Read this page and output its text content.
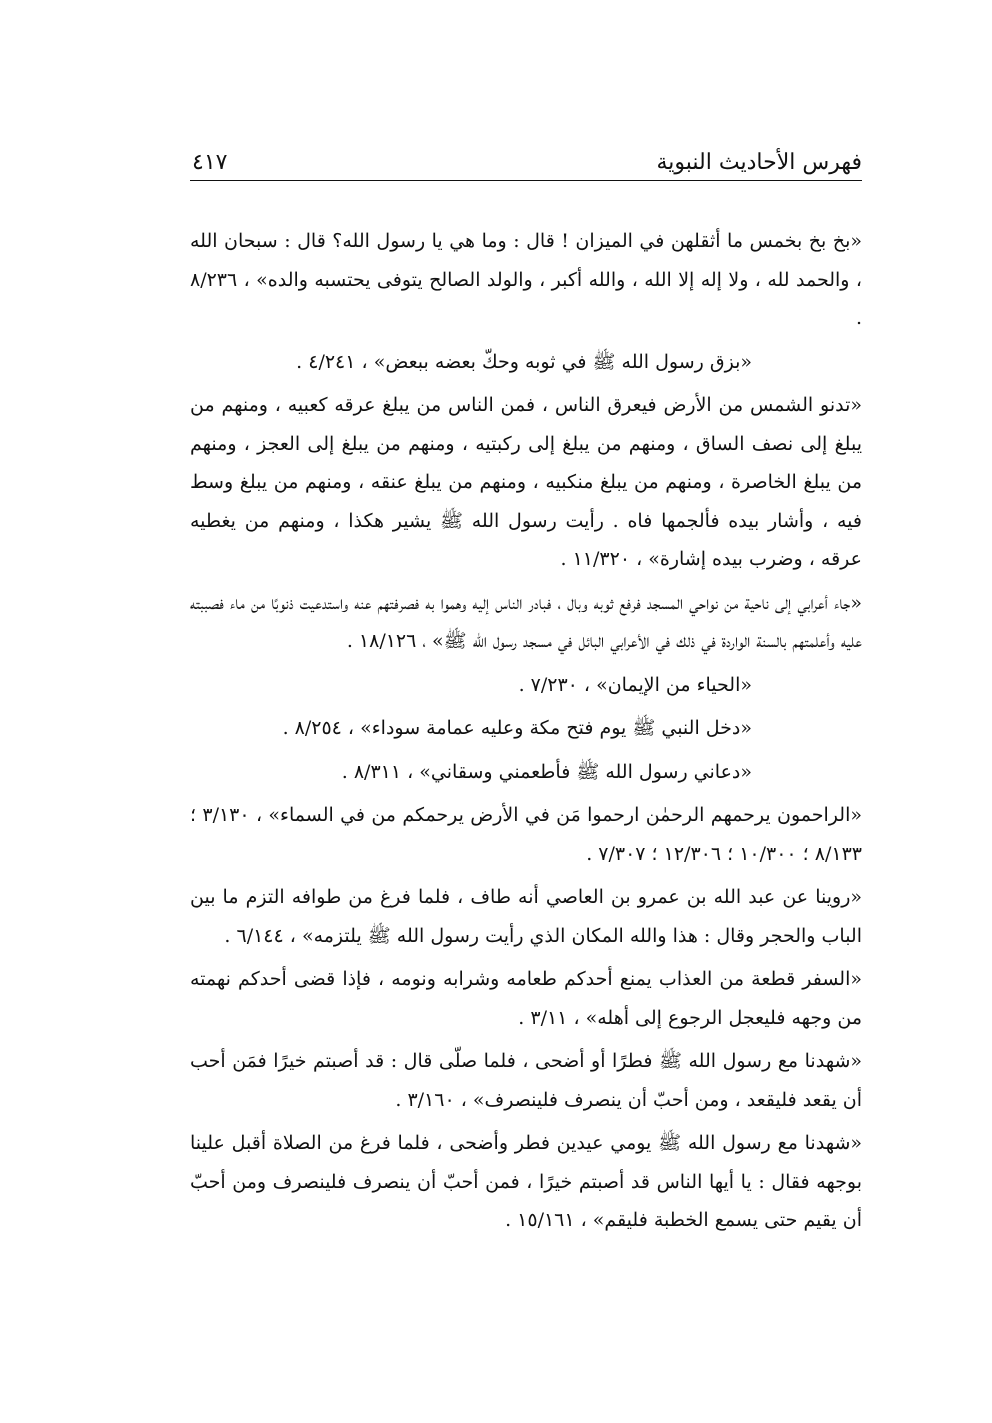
فهرس الأحاديث النبوية
٤١٧

«بخ بخ بخمس ما أثقلهن في الميزان ! قال : وما هي يا رسول الله؟ قال : سبحان الله ، والحمد لله ، ولا إله إلا الله ، والله أكبر ، والولد الصالح يتوفى يحتسبه والده» ، ٨/٢٣٦ .

«بزق رسول الله ﷺ في ثوبه وحكّ بعضه ببعض» ، ٤/٢٤١ .

«تدنو الشمس من الأرض فيعرق الناس ، فمن الناس من يبلغ عرقه كعبيه ، ومنهم من يبلغ إلى نصف الساق ، ومنهم من يبلغ إلى ركبتيه ، ومنهم من يبلغ إلى العجز ، ومنهم من يبلغ الخاصرة ، ومنهم من يبلغ منكبيه ، ومنهم من يبلغ عنقه ، ومنهم من يبلغ وسط فيه ، وأشار بيده فألجمها فاه . رأيت رسول الله ﷺ يشير هكذا ، ومنهم من يغطيه عرقه ، وضرب بيده إشارة» ، ١١/٣٢٠ .

«جاء أعرابي إلى ناحية من نواحي المسجد فرفع ثوبه وبال ، فبادر الناس إليه وهموا به فصرفتهم عنه واستدعيت ذنوبًا من ماء فصببته عليه وأعلمتهم بالسنة الواردة في ذلك في الأعرابي البائل في مسجد رسول الله ﷺ» ، ١٨/١٢٦ .

«الحياء من الإيمان» ، ٧/٢٣٠ .

«دخل النبي ﷺ يوم فتح مكة وعليه عمامة سوداء» ، ٨/٢٥٤ .

«دعاني رسول الله ﷺ فأطعمني وسقاني» ، ٨/٣١١ .

«الراحمون يرحمهم الرحمٰن ارحموا مَن في الأرض يرحمكم من في السماء» ، ٣/١٣٠ ؛ ٨/١٣٣ ؛ ١٠/٣٠٠ ؛ ١٢/٣٠٦ ؛ ٧/٣٠٧ .

«روينا عن عبد الله بن عمرو بن العاصي أنه طاف ، فلما فرغ من طوافه التزم ما بين الباب والحجر وقال : هذا والله المكان الذي رأيت رسول الله ﷺ يلتزمه» ، ٦/١٤٤ .

«السفر قطعة من العذاب يمنع أحدكم طعامه وشرابه ونومه ، فإذا قضى أحدكم نهمته من وجهه فليعجل الرجوع إلى أهله» ، ٣/١١ .

«شهدنا مع رسول الله ﷺ فطرًا أو أضحى ، فلما صلّى قال : قد أصبتم خيرًا فمَن أحب أن يقعد فليقعد ، ومن أحبّ أن ينصرف فلينصرف» ، ٣/١٦٠ .

«شهدنا مع رسول الله ﷺ يومي عيدين فطر وأضحى ، فلما فرغ من الصلاة أقبل علينا بوجهه فقال : يا أيها الناس قد أصبتم خيرًا ، فمن أحبّ أن ينصرف فلينصرف ومن أحبّ أن يقيم حتى يسمع الخطبة فليقم» ، ١٥/١٦١ .
